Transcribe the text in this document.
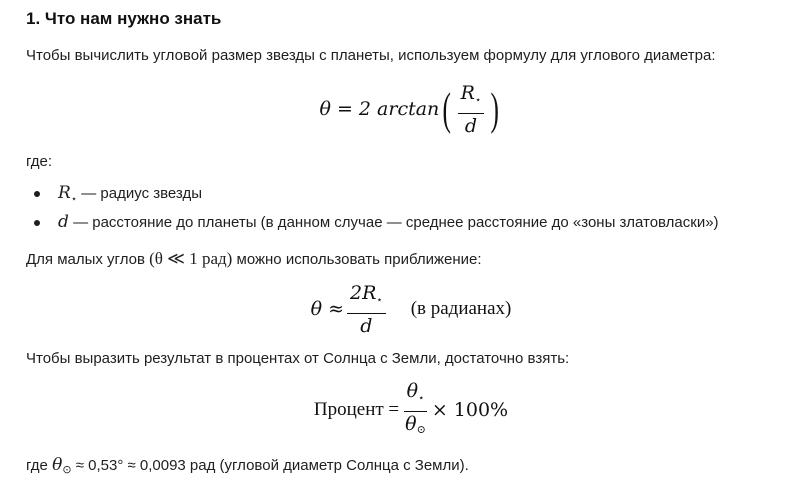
1. Что нам нужно знать

Чтобы вычислить угловой размер звезды с планеты, используем формулу для углового диаметра:

θ = 2 arctan ( $\frac{R_⋆}{d}$ )

где:

$R_⋆$ — радиус звезды
d — расстояние до планеты (в данном случае — среднее расстояние до «зоны златовласки»)

Для малых углов (θ ≪ 1 рад) можно использовать приближение:

$\theta \approx \frac{2R_⋆}{d} (в$ радианах)

Чтобы выразить результат в процентах от Солнца с Земли, достаточно взять:

Процент = $\frac{\theta_⋆}{\theta_⊙} \times 100\%$

где $\theta_⊙ \approx 0,53^\circ \approx 0,0093$ рад (угловой диаметр Солнца с Земли).
